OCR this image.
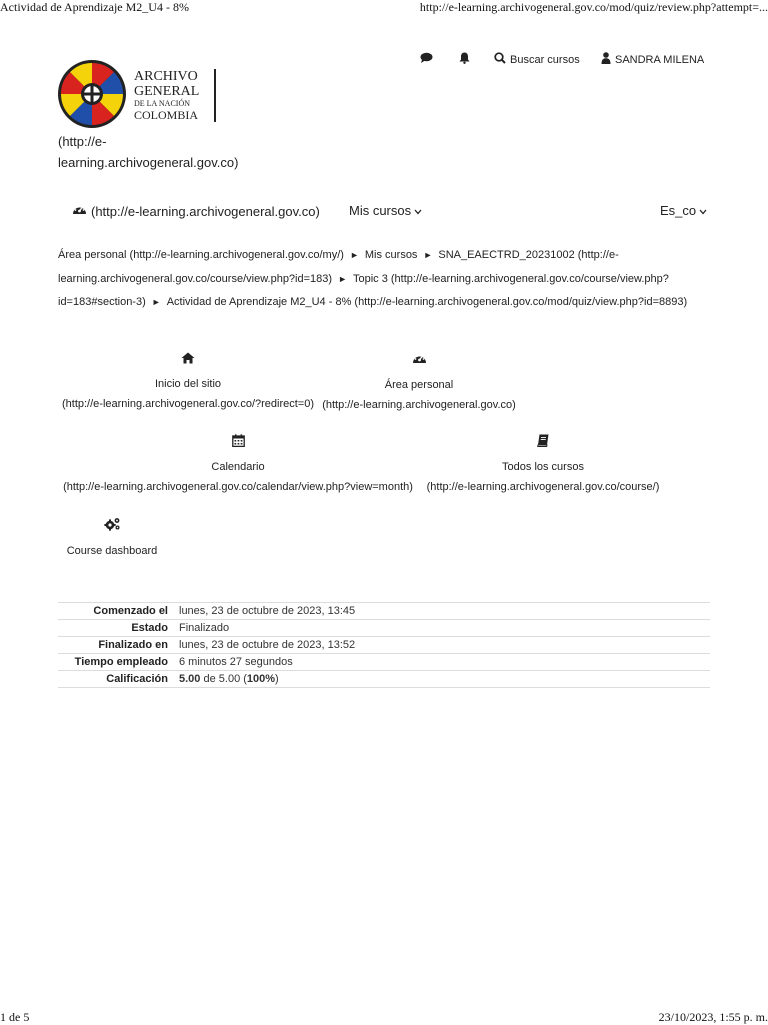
Actividad de Aprendizaje M2_U4 - 8%	http://e-learning.archivogeneral.gov.co/mod/quiz/review.php?attempt=...
Buscar cursos	SANDRA MILENA
ARCHIVO
GENERAL
DE LA NACIÓN
COLOMBIA
(http://e-
learning.archivogeneral.gov.co)
(http://e-learning.archivogeneral.gov.co) Mis cursos	Es_co
Área personal (http://e-learning.archivogeneral.gov.co/my/) ► Mis cursos ► SNA_EAECTRD_20231002 (http://e-learning.archivogeneral.gov.co/course/view.php?id=183) ► Topic 3 (http://e-learning.archivogeneral.gov.co/course/view.php?id=183#section-3) ► Actividad de Aprendizaje M2_U4 - 8% (http://e-learning.archivogeneral.gov.co/mod/quiz/view.php?id=8893)
Inicio del sitio
(http://e-learning.archivogeneral.gov.co/?redirect=0)
Área personal
(http://e-learning.archivogeneral.gov.co)
Calendario
(http://e-learning.archivogeneral.gov.co/calendar/view.php?view=month)
Todos los cursos
(http://e-learning.archivogeneral.gov.co/course/)
Course dashboard
Comenzado el	lunes, 23 de octubre de 2023, 13:45
Estado	Finalizado
Finalizado en	lunes, 23 de octubre de 2023, 13:52
Tiempo empleado	6 minutos 27 segundos
Calificación	5.00 de 5.00 (100%)
1 de 5	23/10/2023, 1:55 p. m.
